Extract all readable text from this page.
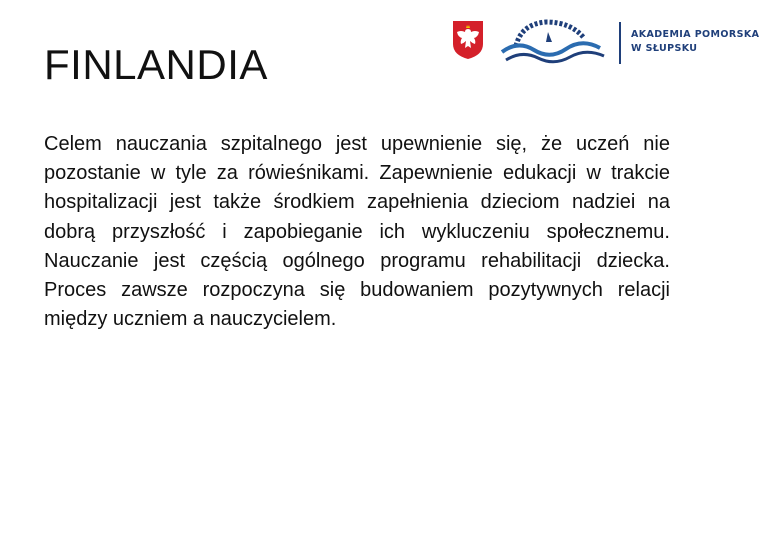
FINLANDIA
AKADEMIA POMORSKA
W SŁUPSKU

Celem nauczania szpitalnego jest upewnienie się, że uczeń nie pozostanie w tyle za rówieśnikami. Zapewnienie edukacji w trakcie hospitalizacji jest także środkiem zapełnienia dzieciom nadziei na dobrą przyszłość i zapobieganie ich wykluczeniu społecznemu. Nauczanie jest częścią ogólnego programu rehabilitacji dziecka. Proces zawsze rozpoczyna się budowaniem pozytywnych relacji między uczniem a nauczycielem.
